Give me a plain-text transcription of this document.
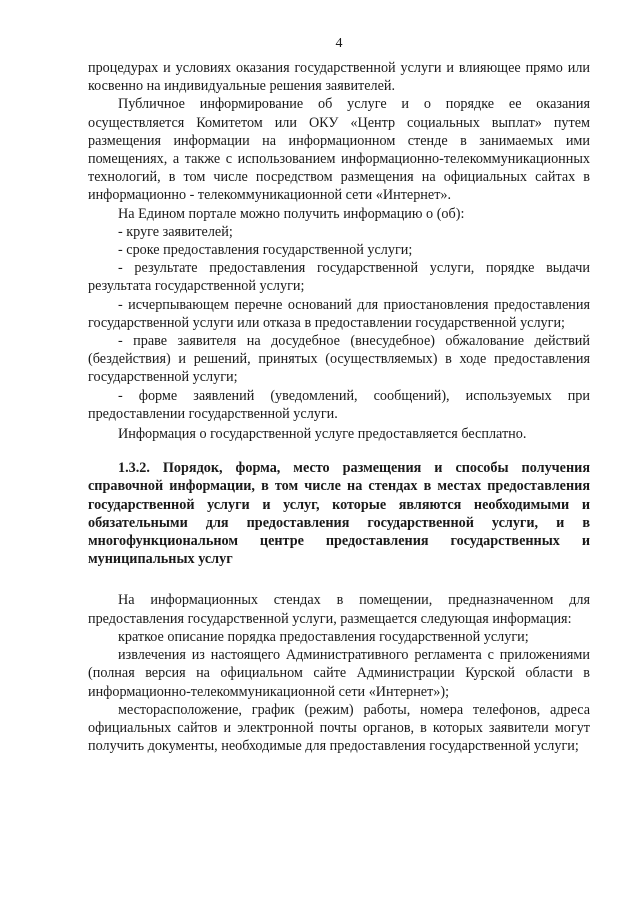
4

процедурах и условиях оказания государственной услуги и влияющее прямо или косвенно на индивидуальные решения заявителей.

Публичное информирование об услуге и о порядке ее оказания осуществляется Комитетом или ОКУ «Центр социальных выплат» путем размещения информации на информационном стенде в занимаемых ими помещениях, а также с использованием информационно-телекоммуникационных технологий, в том числе посредством размещения на официальных сайтах в информационно - телекоммуникационной сети «Интернет».

На Едином портале можно получить информацию о (об):

- круге заявителей;

- сроке предоставления государственной услуги;

- результате предоставления государственной услуги, порядке выдачи результата государственной услуги;

- исчерпывающем перечне оснований для приостановления предоставления государственной услуги или отказа в предоставлении государственной услуги;

- праве заявителя на досудебное (внесудебное) обжалование действий (бездействия) и решений, принятых (осуществляемых) в ходе предоставления государственной услуги;

- форме заявлений (уведомлений, сообщений), используемых при предоставлении государственной услуги.

Информация о государственной услуге предоставляется бесплатно.

1.3.2. Порядок, форма, место размещения и способы получения справочной информации, в том числе на стендах в местах предоставления государственной услуги и услуг, которые являются необходимыми и обязательными для предоставления государственной услуги, и в многофункциональном центре предоставления государственных и муниципальных услуг

На информационных стендах в помещении, предназначенном для предоставления государственной услуги, размещается следующая информация:

краткое описание порядка предоставления государственной услуги;

извлечения из настоящего Административного регламента с приложениями (полная версия на официальном сайте Администрации Курской области в информационно-телекоммуникационной сети «Интернет»);

месторасположение, график (режим) работы, номера телефонов, адреса официальных сайтов и электронной почты органов, в которых заявители могут получить документы, необходимые для предоставления государственной услуги;
